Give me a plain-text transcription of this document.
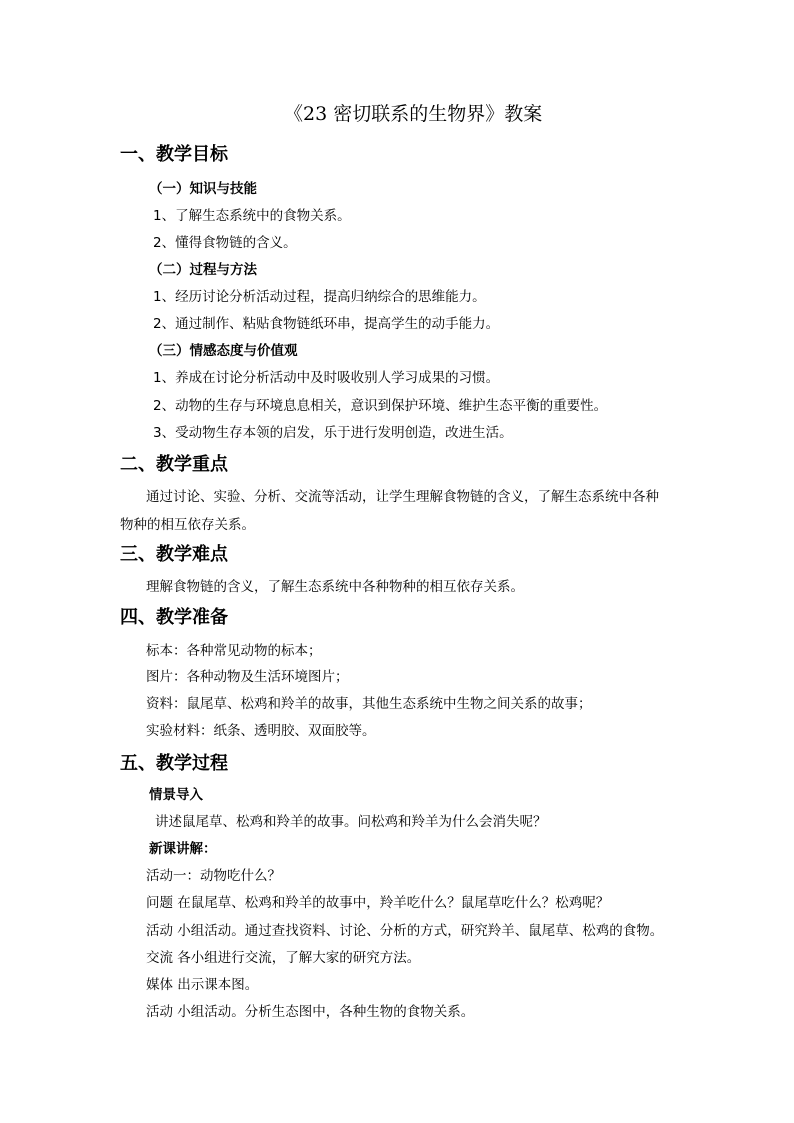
《23 密切联系的生物界》教案
一、教学目标
（一）知识与技能
1、了解生态系统中的食物关系。
2、懂得食物链的含义。
（二）过程与方法
1、经历讨论分析活动过程，提高归纳综合的思维能力。
2、通过制作、粘贴食物链纸环串，提高学生的动手能力。
（三）情感态度与价值观
1、养成在讨论分析活动中及时吸收别人学习成果的习惯。
2、动物的生存与环境息息相关，意识到保护环境、维护生态平衡的重要性。
3、受动物生存本领的启发，乐于进行发明创造，改进生活。
二、教学重点
通过讨论、实验、分析、交流等活动，让学生理解食物链的含义，了解生态系统中各种
物种的相互依存关系。
三、教学难点
理解食物链的含义，了解生态系统中各种物种的相互依存关系。
四、教学准备
标本：各种常见动物的标本；
图片：各种动物及生活环境图片；
资料：鼠尾草、松鸡和羚羊的故事，其他生态系统中生物之间关系的故事；
实验材料：纸条、透明胶、双面胶等。
五、教学过程
情景导入
讲述鼠尾草、松鸡和羚羊的故事。问松鸡和羚羊为什么会消失呢？
新课讲解：
活动一：动物吃什么？
问题 在鼠尾草、松鸡和羚羊的故事中，羚羊吃什么？鼠尾草吃什么？松鸡呢？
活动 小组活动。通过查找资料、讨论、分析的方式，研究羚羊、鼠尾草、松鸡的食物。
交流 各小组进行交流，了解大家的研究方法。
媒体 出示课本图。
活动 小组活动。分析生态图中，各种生物的食物关系。
